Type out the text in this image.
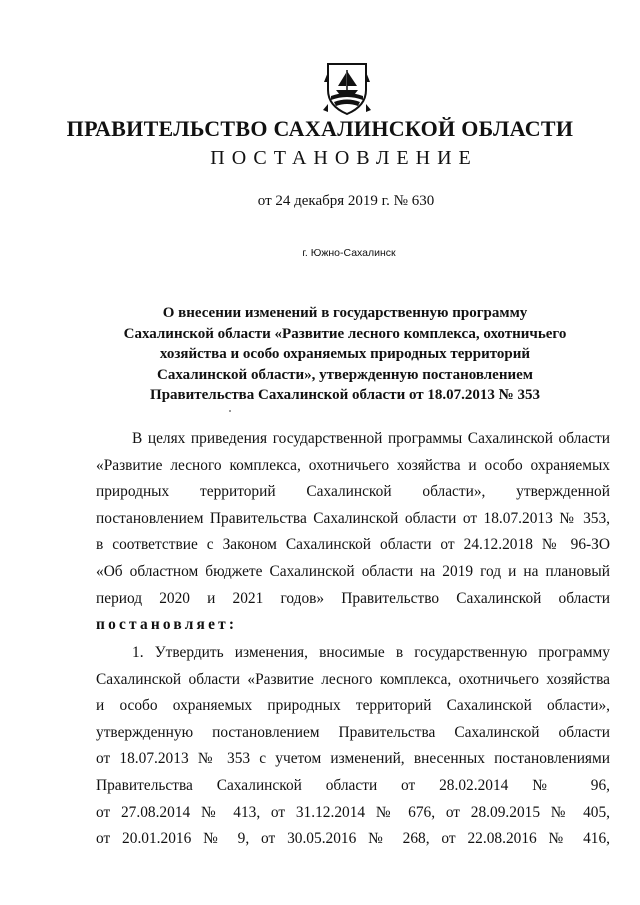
ПРАВИТЕЛЬСТВО САХАЛИНСКОЙ ОБЛАСТИ
ПОСТАНОВЛЕНИЕ
от 24 декабря 2019 г. № 630
г. Южно-Сахалинск
О внесении изменений в государственную программу
Сахалинской области «Развитие лесного комплекса, охотничьего
хозяйства и особо охраняемых природных территорий
Сахалинской области», утвержденную постановлением
Правительства Сахалинской области от 18.07.2013 № 353
В целях приведения государственной программы Сахалинской области
«Развитие лесного комплекса, охотничьего хозяйства и особо охраняемых
природных территорий Сахалинской области», утвержденной
постановлением Правительства Сахалинской области от 18.07.2013 № 353,
в соответствие с Законом Сахалинской области от 24.12.2018 № 96-ЗО
«Об областном бюджете Сахалинской области на 2019 год и на плановый
период 2020 и 2021 годов» Правительство Сахалинской области
постановляет:
1. Утвердить изменения, вносимые в государственную программу
Сахалинской области «Развитие лесного комплекса, охотничьего хозяйства
и особо охраняемых природных территорий Сахалинской области»,
утвержденную постановлением Правительства Сахалинской области
от 18.07.2013 № 353 с учетом изменений, внесенных постановлениями
Правительства Сахалинской области от 28.02.2014 № 96,
от 27.08.2014 № 413, от 31.12.2014 № 676, от 28.09.2015 № 405,
от 20.01.2016 № 9, от 30.05.2016 № 268, от 22.08.2016 № 416,
